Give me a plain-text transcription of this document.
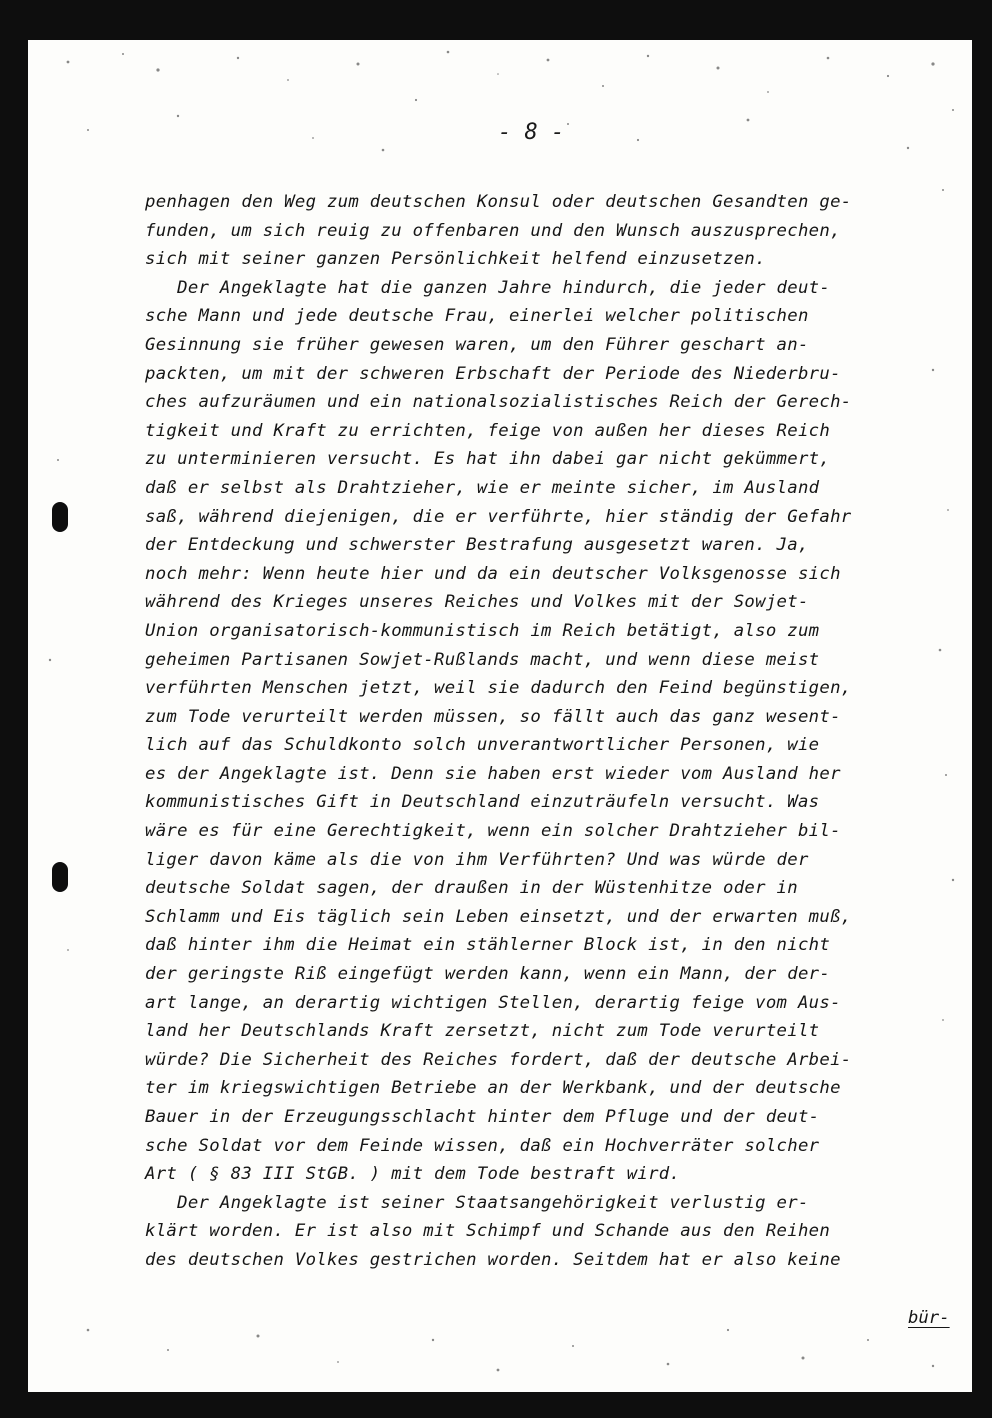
- 8 -
penhagen den Weg zum deutschen Konsul oder deutschen Gesandten ge-
funden, um sich reuig zu offenbaren und den Wunsch auszusprechen,
sich mit seiner ganzen Persönlichkeit helfend einzusetzen.
Der Angeklagte hat die ganzen Jahre hindurch, die jeder deut-
sche Mann und jede deutsche Frau, einerlei welcher politischen
Gesinnung sie früher gewesen waren, um den Führer geschart an-
packten, um mit der schweren Erbschaft der Periode des Niederbru-
ches aufzuräumen und ein nationalsozialistisches Reich der Gerech-
tigkeit und Kraft zu errichten, feige von außen her dieses Reich
zu unterminieren versucht. Es hat ihn dabei gar nicht gekümmert,
daß er selbst als Drahtzieher, wie er meinte sicher, im Ausland
saß, während diejenigen, die er verführte, hier ständig der Gefahr
der Entdeckung und schwerster Bestrafung ausgesetzt waren. Ja,
noch mehr: Wenn heute hier und da ein deutscher Volksgenosse sich
während des Krieges unseres Reiches und Volkes mit der Sowjet-
Union organisatorisch-kommunistisch im Reich betätigt, also zum
geheimen Partisanen Sowjet-Rußlands macht, und wenn diese meist
verführten Menschen jetzt, weil sie dadurch den Feind begünstigen,
zum Tode verurteilt werden müssen, so fällt auch das ganz wesent-
lich auf das Schuldkonto solch unverantwortlicher Personen, wie
es der Angeklagte ist. Denn sie haben erst wieder vom Ausland her
kommunistisches Gift in Deutschland einzuträufeln versucht. Was
wäre es für eine Gerechtigkeit, wenn ein solcher Drahtzieher bil-
liger davon käme als die von ihm Verführten? Und was würde der
deutsche Soldat sagen, der draußen in der Wüstenhitze oder in
Schlamm und Eis täglich sein Leben einsetzt, und der erwarten muß,
daß hinter ihm die Heimat ein stählerner Block ist, in den nicht
der geringste Riß eingefügt werden kann, wenn ein Mann, der der-
art lange, an derartig wichtigen Stellen, derartig feige vom Aus-
land her Deutschlands Kraft zersetzt, nicht zum Tode verurteilt
würde? Die Sicherheit des Reiches fordert, daß der deutsche Arbei-
ter im kriegswichtigen Betriebe an der Werkbank, und der deutsche
Bauer in der Erzeugungsschlacht hinter dem Pfluge und der deut-
sche Soldat vor dem Feinde wissen, daß ein Hochverräter solcher
Art ( § 83 III StGB. ) mit dem Tode bestraft wird.
Der Angeklagte ist seiner Staatsangehörigkeit verlustig er-
klärt worden. Er ist also mit Schimpf und Schande aus den Reihen
des deutschen Volkes gestrichen worden. Seitdem hat er also keine
bür-
